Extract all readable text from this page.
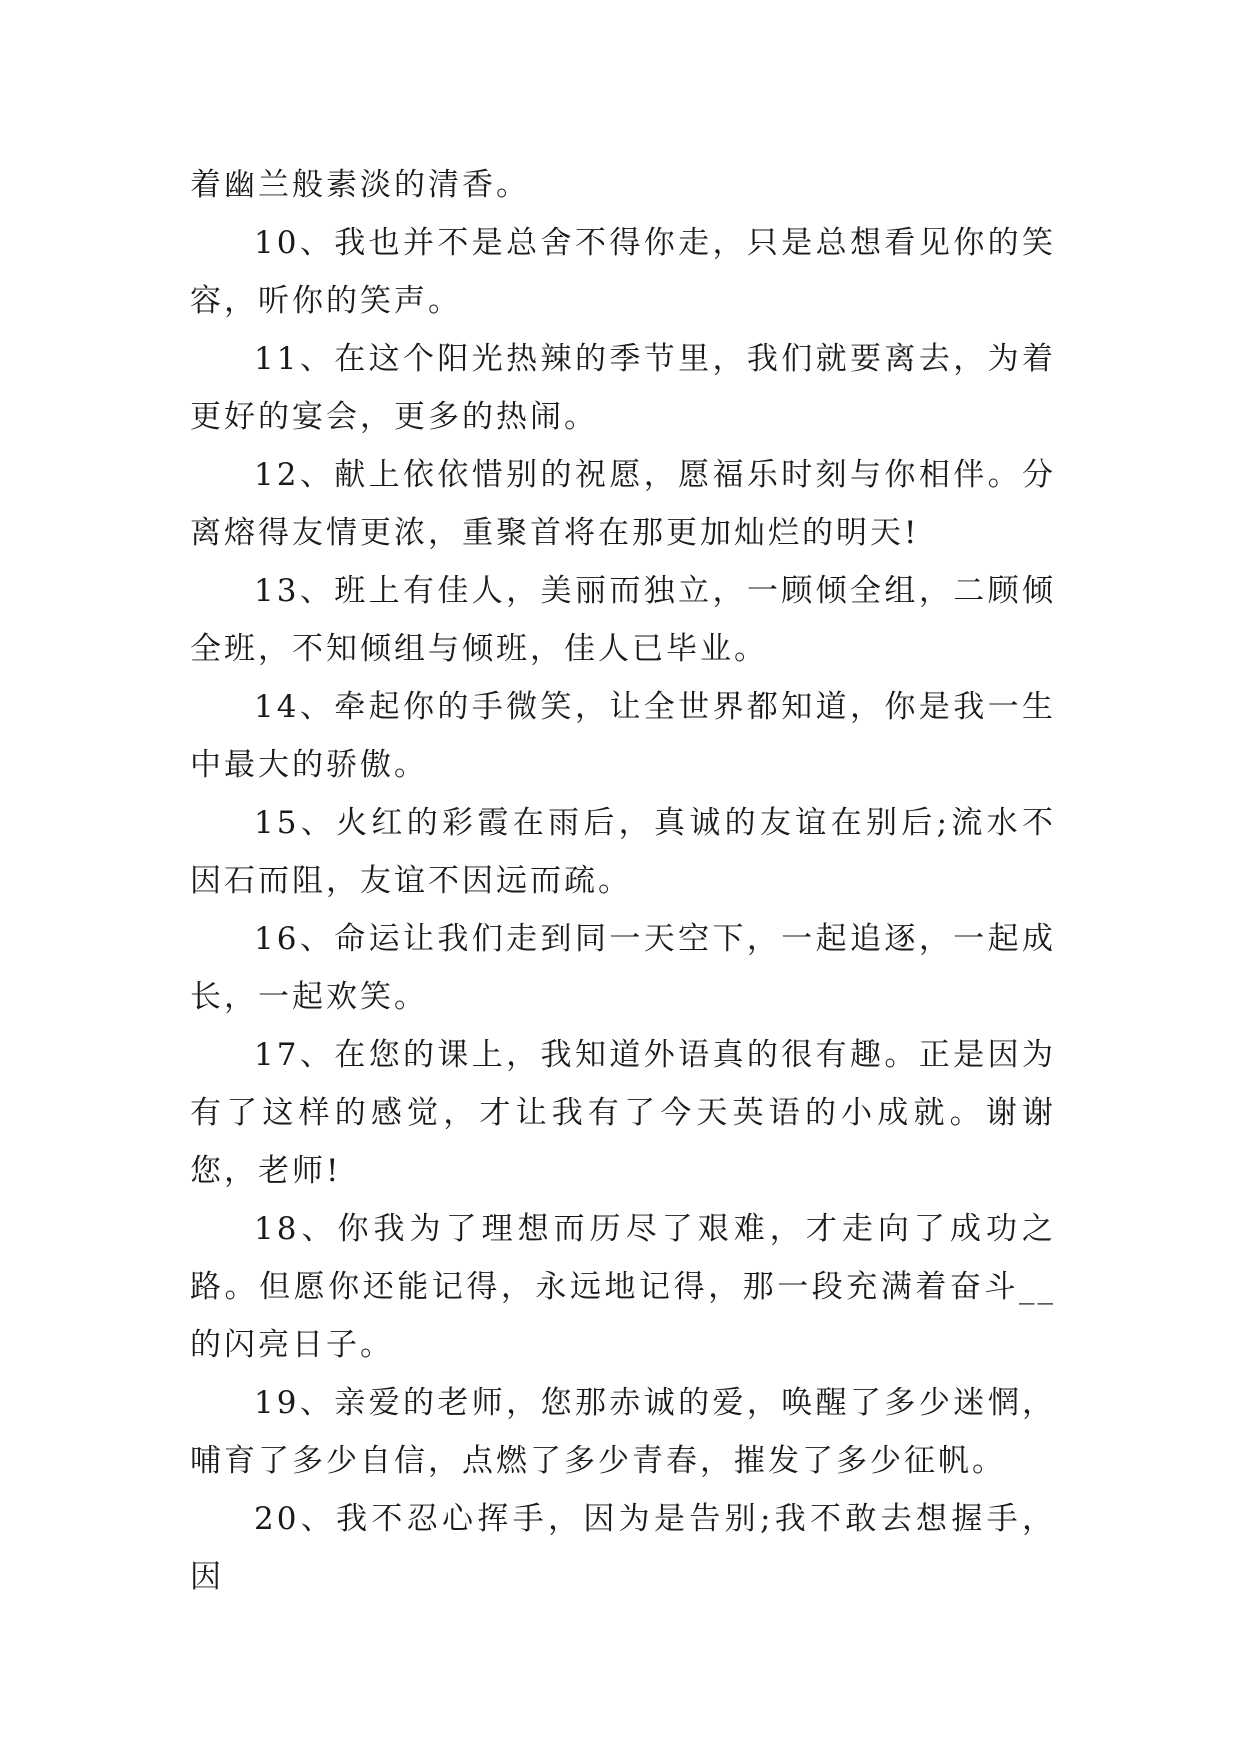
着幽兰般素淡的清香。

10、我也并不是总舍不得你走，只是总想看见你的笑容，听你的笑声。

11、在这个阳光热辣的季节里，我们就要离去，为着更好的宴会，更多的热闹。

12、献上依依惜别的祝愿，愿福乐时刻与你相伴。分离熔得友情更浓，重聚首将在那更加灿烂的明天!

13、班上有佳人，美丽而独立，一顾倾全组，二顾倾全班，不知倾组与倾班，佳人已毕业。

14、牵起你的手微笑，让全世界都知道，你是我一生中最大的骄傲。

15、火红的彩霞在雨后，真诚的友谊在别后;流水不因石而阻，友谊不因远而疏。

16、命运让我们走到同一天空下，一起追逐，一起成长，一起欢笑。

17、在您的课上，我知道外语真的很有趣。正是因为有了这样的感觉，才让我有了今天英语的小成就。谢谢您，老师!

18、你我为了理想而历尽了艰难，才走向了成功之路。但愿你还能记得，永远地记得，那一段充满着奋斗__的闪亮日子。

19、亲爱的老师，您那赤诚的爱，唤醒了多少迷惘，哺育了多少自信，点燃了多少青春，摧发了多少征帆。

20、我不忍心挥手，因为是告别;我不敢去想握手，因
